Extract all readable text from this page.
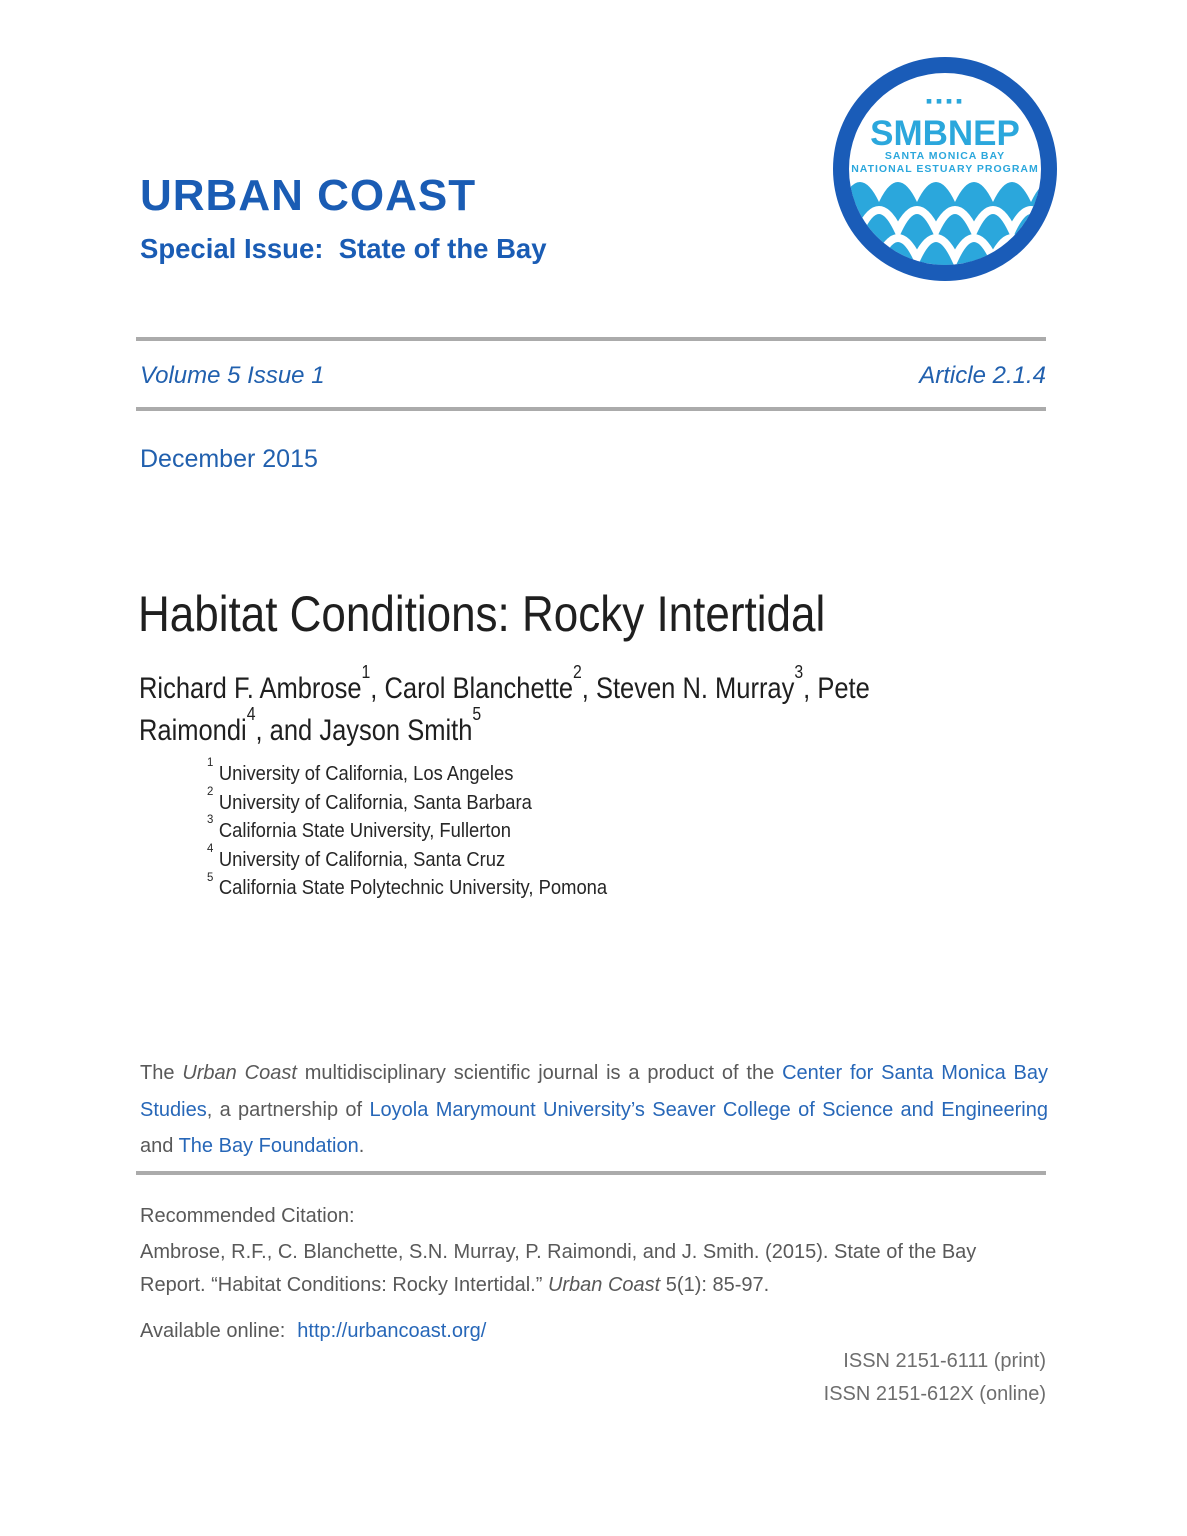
URBAN COAST
Special Issue:  State of the Bay
SMBNEP
SANTA MONICA BAY
NATIONAL ESTUARY PROGRAM
Volume 5 Issue 1	Article 2.1.4
December 2015
Habitat Conditions: Rocky Intertidal
Richard F. Ambrose$^1$, Carol Blanchette$^2$, Steven N. Murray$^3$, Pete
Raimondi$^4$, and Jayson Smith$^5$
$^1$University of California, Los Angeles
$^2$University of California, Santa Barbara
$^3$California State University, Fullerton
$^4$University of California, Santa Cruz
$^5$California State Polytechnic University, Pomona

The Urban Coast multidisciplinary scientific journal is a product of the Center for Santa Monica Bay Studies, a partnership of Loyola Marymount University’s Seaver College of Science and Engineering and The Bay Foundation.

Recommended Citation:

Ambrose, R.F., C. Blanchette, S.N. Murray, P. Raimondi, and J. Smith. (2015). State of the Bay
Report. “Habitat Conditions: Rocky Intertidal.” Urban Coast 5(1): 85-97.

Available online: http://urbancoast.org/
ISSN 2151-6111 (print)
ISSN 2151-612X (online)
